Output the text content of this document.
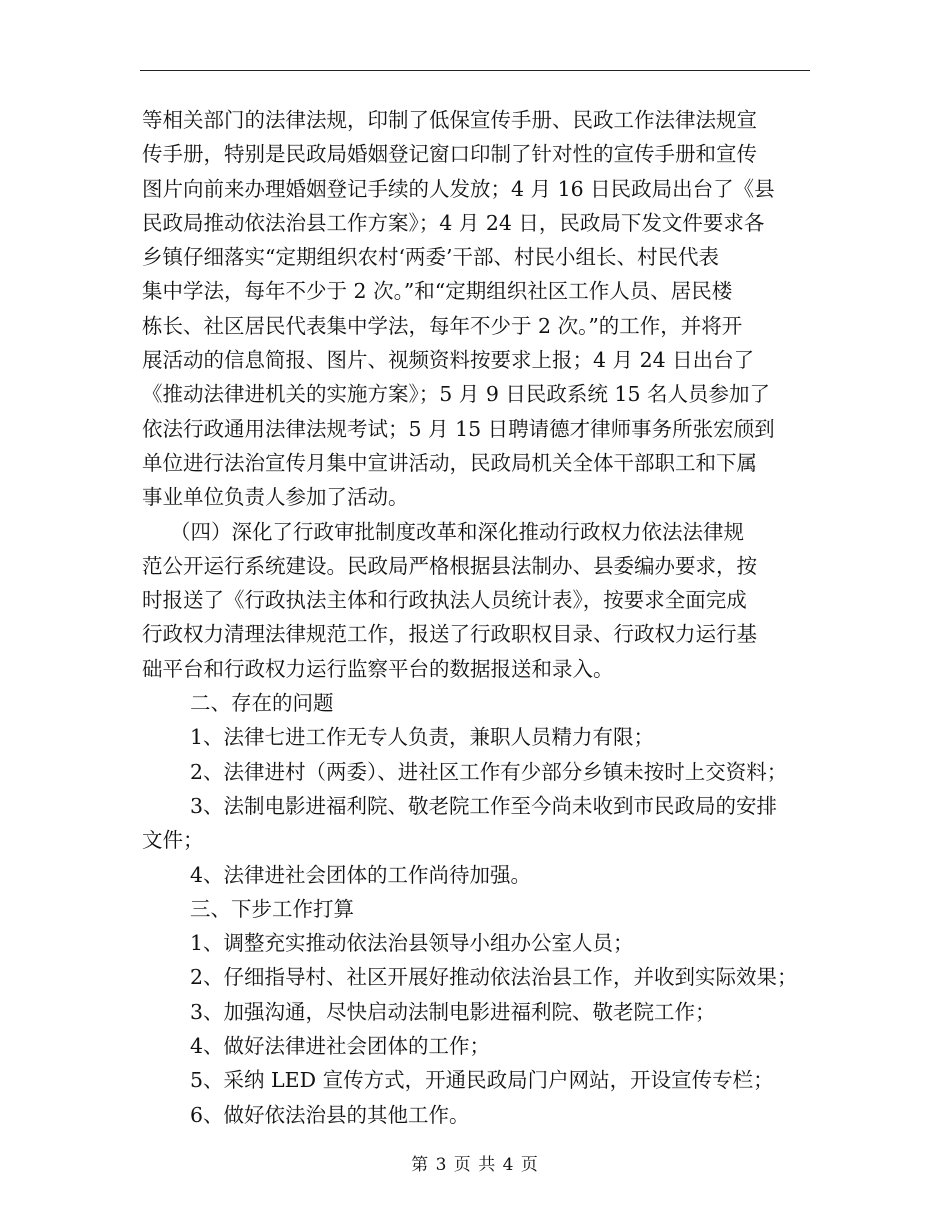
等相关部门的法律法规，印制了低保宣传手册、民政工作法律法规宣
传手册，特别是民政局婚姻登记窗口印制了针对性的宣传手册和宣传
图片向前来办理婚姻登记手续的人发放；4 月 16 日民政局出台了《县
民政局推动依法治县工作方案》；4 月 24 日，民政局下发文件要求各
乡镇仔细落实“定期组织农村‘两委’干部、村民小组长、村民代表
集中学法，每年不少于 2 次。”和“定期组织社区工作人员、居民楼
栋长、社区居民代表集中学法，每年不少于 2 次。”的工作，并将开
展活动的信息简报、图片、视频资料按要求上报；4 月 24 日出台了
《推动法律进机关的实施方案》；5 月 9 日民政系统 15 名人员参加了
依法行政通用法律法规考试；5 月 15 日聘请德才律师事务所张宏颀到
单位进行法治宣传月集中宣讲活动，民政局机关全体干部职工和下属
事业单位负责人参加了活动。
（四）深化了行政审批制度改革和深化推动行政权力依法法律规
范公开运行系统建设。民政局严格根据县法制办、县委编办要求，按
时报送了《行政执法主体和行政执法人员统计表》，按要求全面完成
行政权力清理法律规范工作，报送了行政职权目录、行政权力运行基
础平台和行政权力运行监察平台的数据报送和录入。
二、存在的问题
1、法律七进工作无专人负责，兼职人员精力有限；
2、法律进村（两委）、进社区工作有少部分乡镇未按时上交资料；
3、法制电影进福利院、敬老院工作至今尚未收到市民政局的安排
文件；
4、法律进社会团体的工作尚待加强。
三、下步工作打算
1、调整充实推动依法治县领导小组办公室人员；
2、仔细指导村、社区开展好推动依法治县工作，并收到实际效果；
3、加强沟通，尽快启动法制电影进福利院、敬老院工作；
4、做好法律进社会团体的工作；
5、采纳 LED 宣传方式，开通民政局门户网站，开设宣传专栏；
6、做好依法治县的其他工作。
第 3 页 共 4 页
